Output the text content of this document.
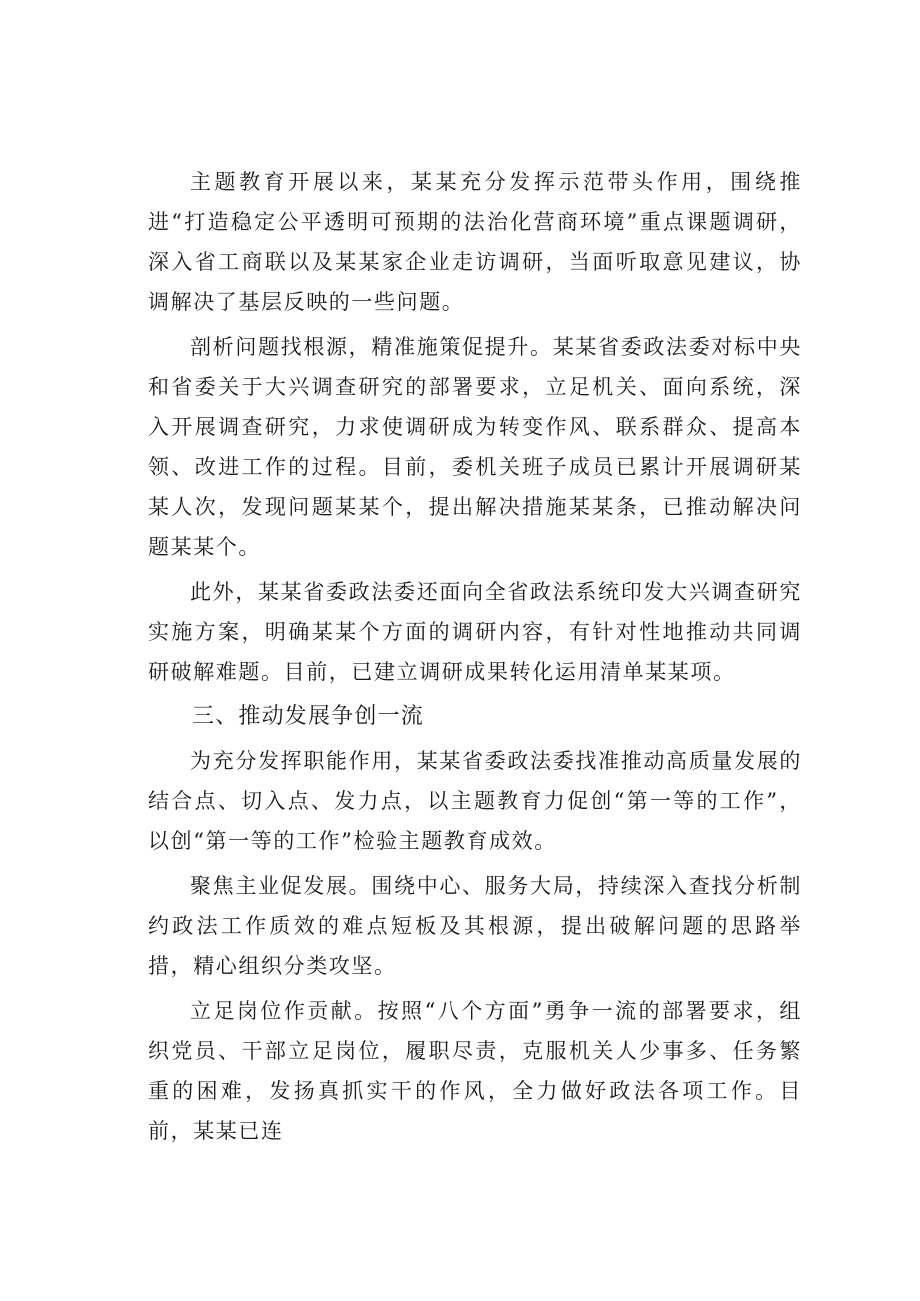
主题教育开展以来，某某充分发挥示范带头作用，围绕推进“打造稳定公平透明可预期的法治化营商环境”重点课题调研，深入省工商联以及某某家企业走访调研，当面听取意见建议，协调解决了基层反映的一些问题。

剖析问题找根源，精准施策促提升。某某省委政法委对标中央和省委关于大兴调查研究的部署要求，立足机关、面向系统，深入开展调查研究，力求使调研成为转变作风、联系群众、提高本领、改进工作的过程。目前，委机关班子成员已累计开展调研某某人次，发现问题某某个，提出解决措施某某条，已推动解决问题某某个。

此外，某某省委政法委还面向全省政法系统印发大兴调查研究实施方案，明确某某个方面的调研内容，有针对性地推动共同调研破解难题。目前，已建立调研成果转化运用清单某某项。

三、推动发展争创一流

为充分发挥职能作用，某某省委政法委找准推动高质量发展的结合点、切入点、发力点，以主题教育力促创“第一等的工作”，以创“第一等的工作”检验主题教育成效。

聚焦主业促发展。围绕中心、服务大局，持续深入查找分析制约政法工作质效的难点短板及其根源，提出破解问题的思路举措，精心组织分类攻坚。

立足岗位作贡献。按照“八个方面”勇争一流的部署要求，组织党员、干部立足岗位，履职尽责，克服机关人少事多、任务繁重的困难，发扬真抓实干的作风，全力做好政法各项工作。目前，某某已连
